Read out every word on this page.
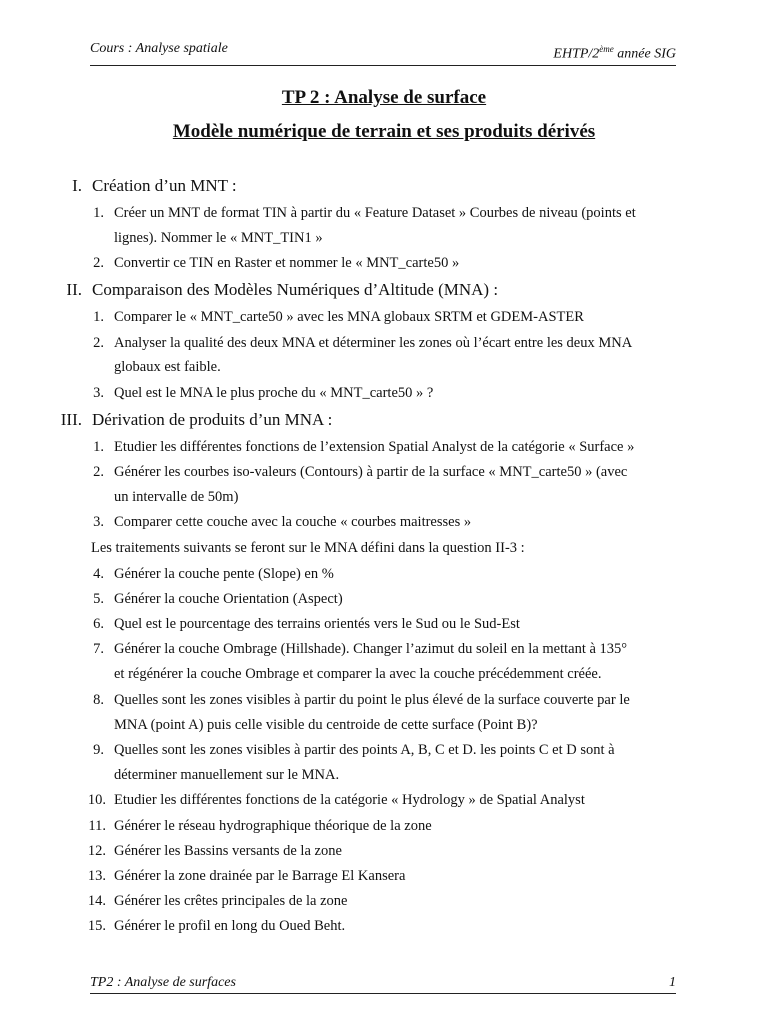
Cours : Analyse spatiale	EHTP/2ème année SIG
TP 2 : Analyse de surface
Modèle numérique de terrain et ses produits dérivés
I. Création d’un MNT :
1. Créer un MNT de format TIN à partir du « Feature Dataset » Courbes de niveau (points et
lignes). Nommer le « MNT_TIN1 »
2. Convertir ce TIN en Raster et nommer le « MNT_carte50 »
II. Comparaison des Modèles Numériques d’Altitude (MNA) :
1. Comparer le « MNT_carte50 » avec les MNA globaux SRTM et GDEM-ASTER
2. Analyser la qualité des deux MNA et déterminer les zones où l’écart entre les deux MNA
globaux est faible.
3. Quel est le MNA le plus proche du « MNT_carte50 » ?
III. Dérivation de produits d’un MNA :
1. Etudier les différentes fonctions de l’extension Spatial Analyst de la catégorie « Surface »
2. Générer les courbes iso-valeurs (Contours) à partir de la surface « MNT_carte50 » (avec
un intervalle de 50m)
3. Comparer cette couche avec la couche « courbes maitresses »
Les traitements suivants se feront sur le MNA défini dans la question II-3 :
4. Générer la couche pente (Slope) en %
5. Générer la couche Orientation (Aspect)
6. Quel est le pourcentage des terrains orientés vers le Sud ou le Sud-Est
7. Générer la couche Ombrage (Hillshade). Changer l’azimut du soleil en la mettant à 135°
et régénérer la couche Ombrage et comparer la avec la couche précédemment créée.
8. Quelles sont les zones visibles à partir du point le plus élevé de la surface couverte par le
MNA (point A) puis celle visible du centroide de cette surface (Point B)?
9. Quelles sont les zones visibles à partir des points A, B, C et D. les points C et D sont à
déterminer manuellement sur le MNA.
10. Etudier les différentes fonctions de la catégorie « Hydrology » de Spatial Analyst
11. Générer le réseau hydrographique théorique de la zone
12. Générer les Bassins versants de la zone
13. Générer la zone drainée par le Barrage El Kansera
14. Générer les crêtes principales de la zone
15. Générer le profil en long du Oued Beht.
TP2 : Analyse de surfaces	1
